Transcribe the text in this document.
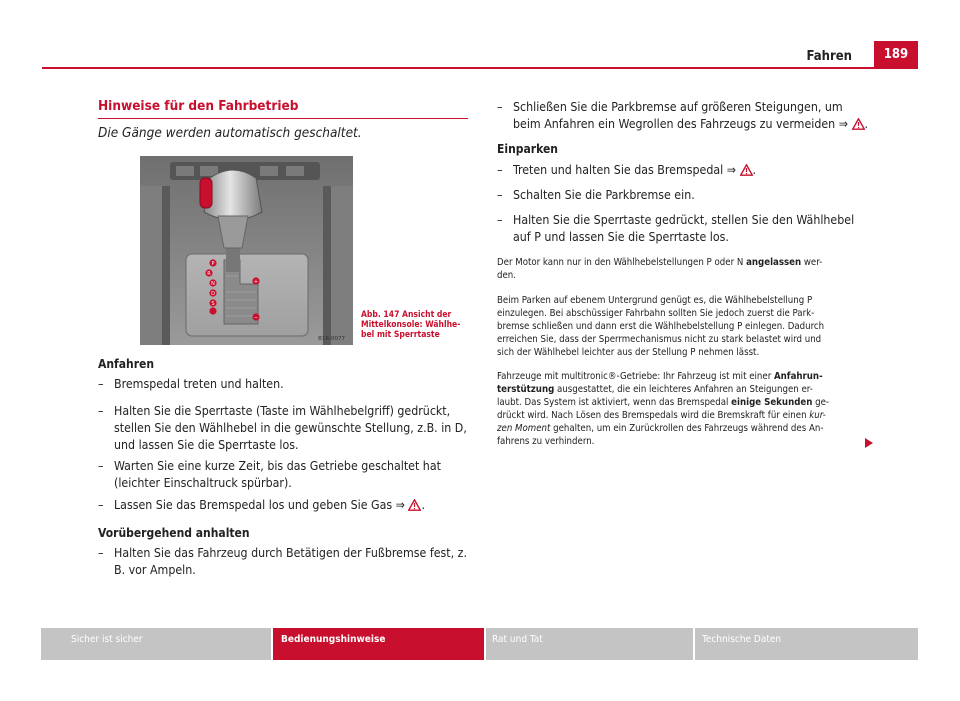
Fahren	189
Hinweise für den Fahrbetrieb
Die Gänge werden automatisch geschaltet.
P
R
N
D
S
+
−
B1R-0077
Abb. 147 Ansicht der
Mittelkonsole: Wählhe-
bel mit Sperrtaste
Anfahren
– Bremspedal treten und halten.
– Halten Sie die Sperrtaste (Taste im Wählhebelgriff) gedrückt,
stellen Sie den Wählhebel in die gewünschte Stellung, z.B. in D,
und lassen Sie die Sperrtaste los.
– Warten Sie eine kurze Zeit, bis das Getriebe geschaltet hat
(leichter Einschaltruck spürbar).
– Lassen Sie das Bremspedal los und geben Sie Gas ⇒ .
Vorübergehend anhalten
– Halten Sie das Fahrzeug durch Betätigen der Fußbremse fest, z.
B. vor Ampeln.
– Schließen Sie die Parkbremse auf größeren Steigungen, um
beim Anfahren ein Wegrollen des Fahrzeugs zu vermeiden ⇒ .
Einparken
– Treten und halten Sie das Bremspedal ⇒ .
– Schalten Sie die Parkbremse ein.
– Halten Sie die Sperrtaste gedrückt, stellen Sie den Wählhebel
auf P und lassen Sie die Sperrtaste los.
Der Motor kann nur in den Wählhebelstellungen P oder N angelassen wer-
den.
Beim Parken auf ebenem Untergrund genügt es, die Wählhebelstellung P
einzulegen. Bei abschüssiger Fahrbahn sollten Sie jedoch zuerst die Park-
bremse schließen und dann erst die Wählhebelstellung P einlegen. Dadurch
erreichen Sie, dass der Sperrmechanismus nicht zu stark belastet wird und
sich der Wählhebel leichter aus der Stellung P nehmen lässt.
Fahrzeuge mit multitronic®-Getriebe: Ihr Fahrzeug ist mit einer Anfahrun-
terstützung ausgestattet, die ein leichteres Anfahren an Steigungen er-
laubt. Das System ist aktiviert, wenn das Bremspedal einige Sekunden ge-
drückt wird. Nach Lösen des Bremspedals wird die Bremskraft für einen kur-
zen Moment gehalten, um ein Zurückrollen des Fahrzeugs während des An-
fahrens zu verhindern.
Sicher ist sicher	Bedienungshinweise	Rat und Tat	Technische Daten
